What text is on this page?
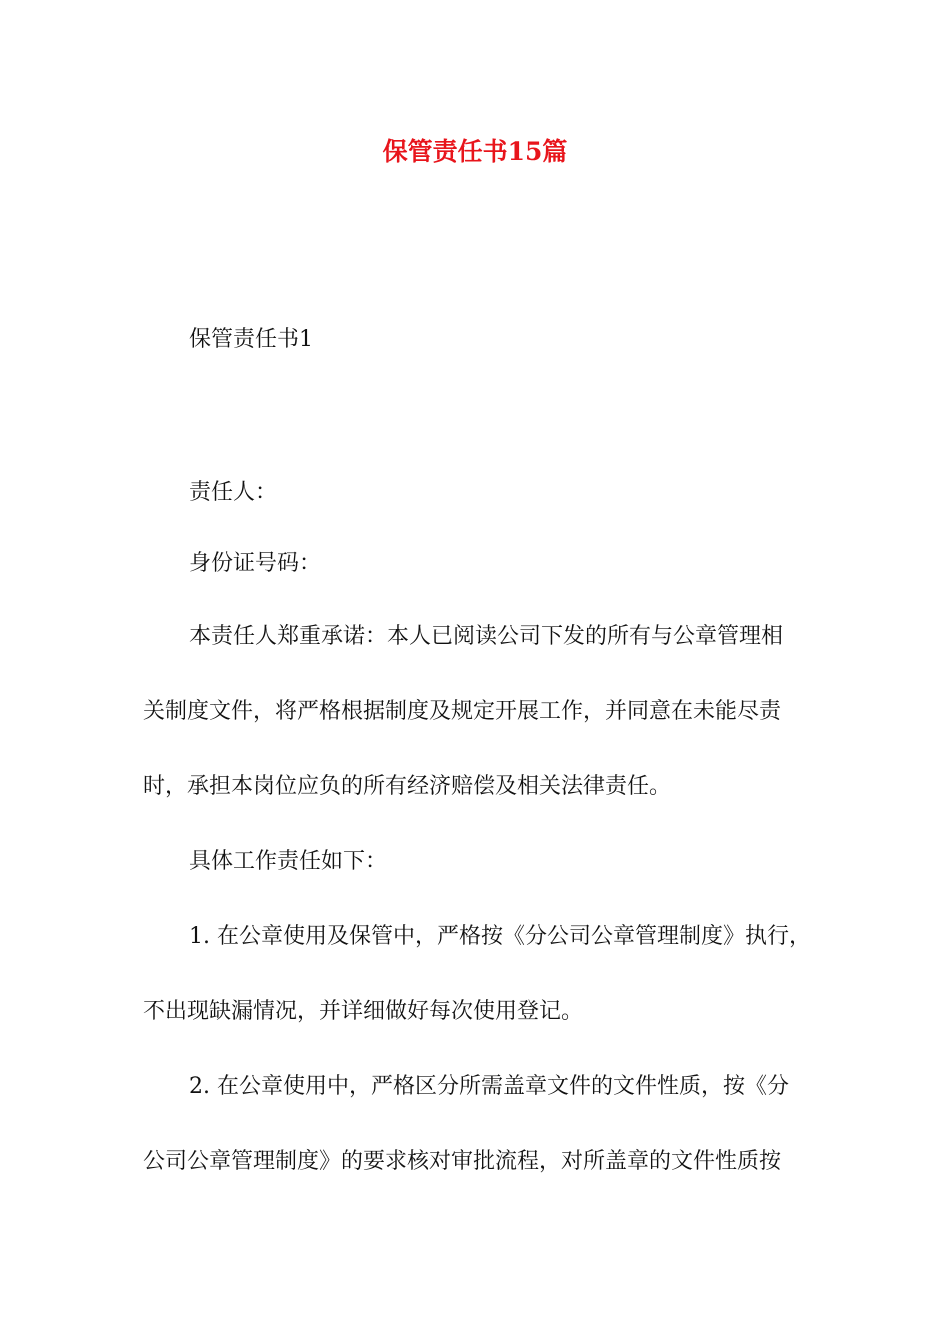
保管责任书15篇
保管责任书1
责任人：
身份证号码：
本责任人郑重承诺：本人已阅读公司下发的所有与公章管理相
关制度文件，将严格根据制度及规定开展工作，并同意在未能尽责
时，承担本岗位应负的所有经济赔偿及相关法律责任。
具体工作责任如下：
1. 在公章使用及保管中，严格按《分公司公章管理制度》执行，
不出现缺漏情况，并详细做好每次使用登记。
2. 在公章使用中，严格区分所需盖章文件的文件性质，按《分
公司公章管理制度》的要求核对审批流程，对所盖章的文件性质按
